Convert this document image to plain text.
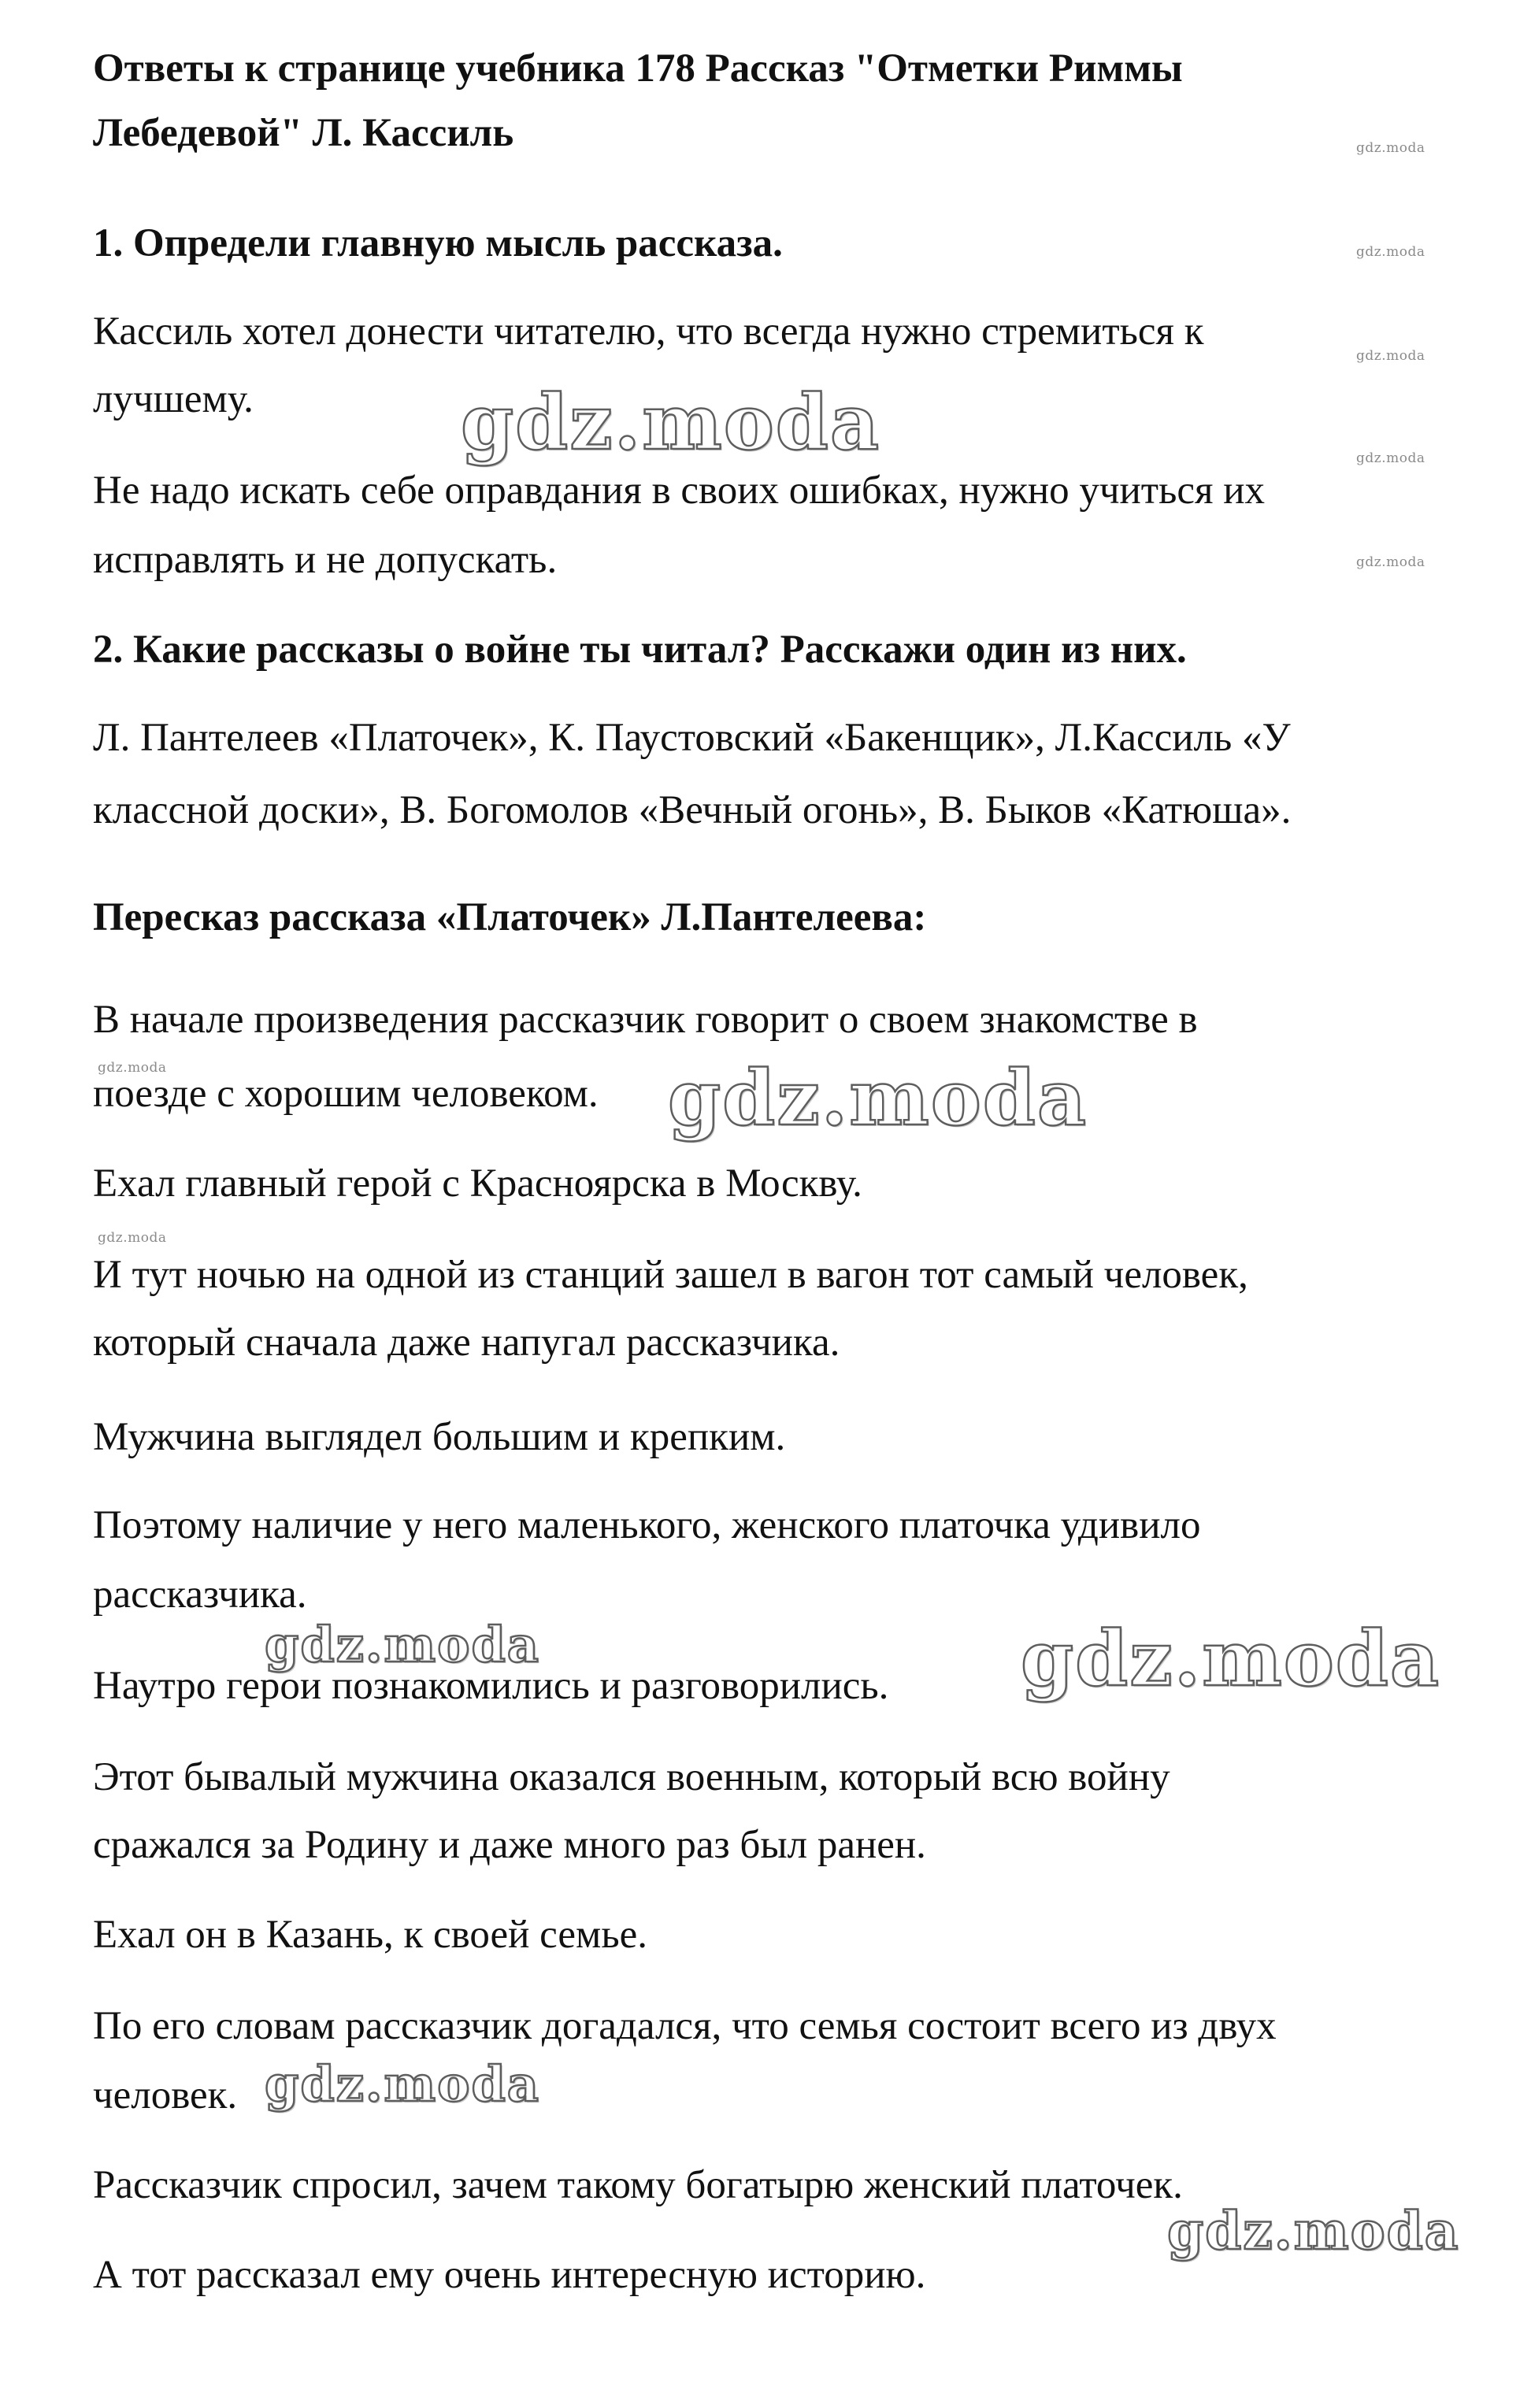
Ответы к странице учебника 178 Рассказ "Отметки Риммы
Лебедевой" Л. Кассиль
1. Определи главную мысль рассказа.
Кассиль хотел донести читателю, что всегда нужно стремиться к
лучшему.
Не надо искать себе оправдания в своих ошибках, нужно учиться их
исправлять и не допускать.
2. Какие рассказы о войне ты читал? Расскажи один из них.
Л. Пантелеев «Платочек», К. Паустовский «Бакенщик», Л.Кассиль «У
классной доски», В. Богомолов «Вечный огонь», В. Быков «Катюша».
Пересказ рассказа «Платочек» Л.Пантелеева:
В начале произведения рассказчик говорит о своем знакомстве в
поезде с хорошим человеком.
Ехал главный герой с Красноярска в Москву.
И тут ночью на одной из станций зашел в вагон тот самый человек,
который сначала даже напугал рассказчика.
Мужчина выглядел большим и крепким.
Поэтому наличие у него маленького, женского платочка удивило
рассказчика.
Наутро герои познакомились и разговорились.
Этот бывалый мужчина оказался военным, который всю войну
сражался за Родину и даже много раз был ранен.
Ехал он в Казань, к своей семье.
По его словам рассказчик догадался, что семья состоит всего из двух
человек.
Рассказчик спросил, зачем такому богатырю женский платочек.
А тот рассказал ему очень интересную историю.
gdz.moda
gdz.moda
gdz.moda
gdz.moda
gdz.moda
gdz.moda
gdz.moda
gdz.moda
gdz.moda
gdz.moda
gdz.moda
gdz.moda
gdz.moda
